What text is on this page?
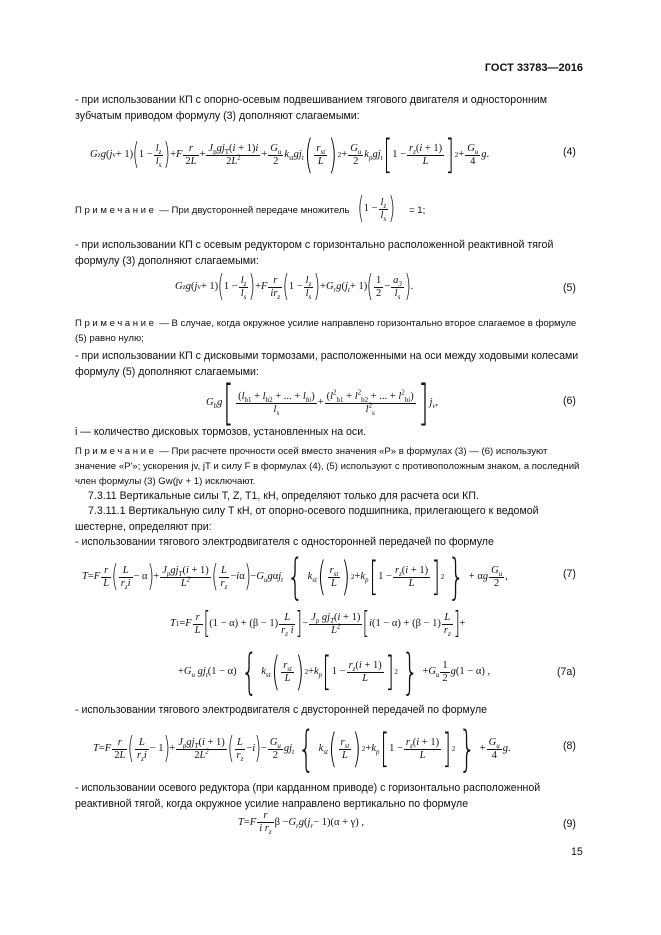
ГОСТ 33783—2016
- при использовании КП с опорно-осевым подвешиванием тягового двигателя и односторонним зубчатым приводом формулу (3) дополняют слагаемыми:
G z g ( j v + 1) ( $1 - \frac{l_z}{l_s}$ ) + F $\frac{r}{2L} + \frac{J_pgj_T(i + 1)i}{2L^2} + \frac{G_u}{2} k_{st}gj_t$ ( $\frac{r_{st}}{L}$ ) $2 + \frac{G_u}{2} k_pgj_t$ [ $1 - \frac{r_z(i + 1)}{L}$ ] $2 + \frac{G_u}{4}$ g .	(4)
Примечание — При двусторонней передаче множитель ( $1 - \frac{l_z}{l_s}$ ) = 1;
- при использовании КП с осевым редуктором с горизонтально расположенной реактивной тягой формулу (3) дополняют слагаемыми:
G z g ( j v + 1) ( $1 - \frac{l_z}{l_s}$ ) + F $\frac{r}{ir_z}$ ( $1 - \frac{l_z}{l_s}$ ) + $G_rg$ ( $j_t + 1$) ( $\frac{1}{2} - \frac{a_3}{l_s}$ ) .	(5)
Примечание — В случае, когда окружное усилие направлено горизонтально второе слагаемое в формуле (5) равно нулю;
- при использовании КП с дисковыми тормозами, расположенными на оси между ходовыми колесами формулу (5) дополняют слагаемыми:
$G_bg$ [ $\frac{(l_{b1} + l_{b2} + ... + l_{bi})}{l_s} + \frac{(l^2_{b1} + l^2_{b2} + ... + l^2_{bi})}{l^2_s}$ ] $j_v$ ,	(6)
i — количество дисковых тормозов, установленных на оси.
Примечание — При расчете прочности осей вместо значения «P» в формулах (3) — (6) используют значение «P'»; ускорения jv, jT и силу F в формулах (4), (5) используют с противоположным знаком, а последний член формулы (3) Gw(jv + 1) исключают.
7.3.11 Вертикальные силы T, Z, T1, кН, определяют только для расчета оси КП.
7.3.11.1 Вертикальную силу T кН, от опорно-осевого подшипника, прилегающего к ведомой шестерне, определяют при:
- использовании тягового электродвигателя с односторонней передачей по формуле
T = F $\frac{r}{L}$ ( $\frac{L}{r_zi} - \alpha$ ) + $\frac{J_pgj_T(i + 1)}{L^2}$ ( $\frac{L}{r_z} - i$ α ) − $G_ug$ α $j_t$ { $k_{st}$ ( $\frac{r_{st}}{L}$ ) $2 + k_p$ [ $1 - \frac{r_z(i + 1)}{L}$ ] 2 } + α g $\frac{G_u}{2}$ ,	(7)
T 1 = F $\frac{r}{L}$ [ $(1 - \alpha) + (\beta - 1) \frac{L}{r_z i}$ ] − $\frac{J_p gj_T(i + 1)}{L^2}$ [ i $(1 - \alpha) + (\beta - 1) \frac{L}{r_z}$ ] +
+ $G_u$ $gj_t$ (1 − α) { $k_{st}$ ( $\frac{r_{st}}{L}$ ) $2 + k_p$ [ $1 - \frac{r_z(i + 1)}{L}$ ] 2 } + $G_u \frac{1}{2}$ g (1 − α) ,	(7a)
- использовании тягового электродвигателя с двусторонней передачей по формуле
T = F $\frac{r}{2L}$ ( $\frac{L}{r_zi} - 1$ ) + $\frac{J_pgj_T(i + 1)}{2L^2}$ ( $\frac{L}{r_z} - i$ ) − $\frac{G_u}{2} gj_t$ { $k_{st}$ ( $\frac{r_{st}}{L}$ ) $2 + k_p$ [ $1 - \frac{r_z(i + 1)}{L}$ ] 2 } + $\frac{G_u}{4}$ g .	(8)
- использовании осевого редуктора (при карданном приводе) с горизонтально расположенной реактивной тягой, когда окружное усилие направлено вертикально по формуле
T = F $\frac{r}{i r_z}$ $\beta - G_rg$ ( $j_r - 1)(\alpha + \gamma)$ ,	(9)
15
